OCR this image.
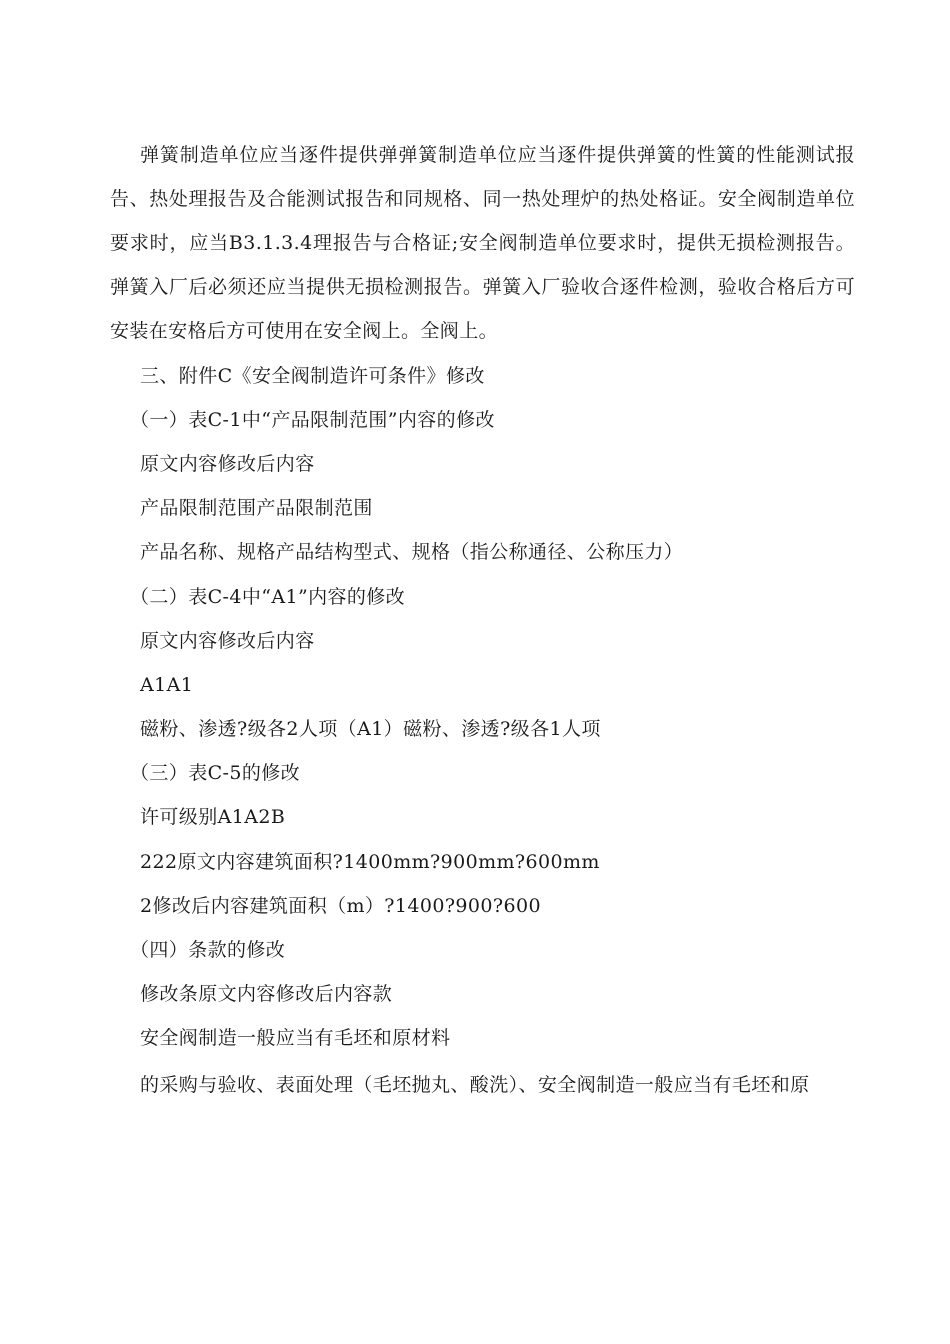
弹簧制造单位应当逐件提供弹弹簧制造单位应当逐件提供弹簧的性簧的性能测试报告、热处理报告及合能测试报告和同规格、同一热处理炉的热处格证。安全阀制造单位要求时，应当B3.1.3.4理报告与合格证;安全阀制造单位要求时，提供无损检测报告。弹簧入厂后必须还应当提供无损检测报告。弹簧入厂验收合逐件检测，验收合格后方可安装在安格后方可使用在安全阀上。全阀上。

三、附件C《安全阀制造许可条件》修改

（一）表C-1中“产品限制范围”内容的修改

原文内容修改后内容

产品限制范围产品限制范围

产品名称、规格产品结构型式、规格（指公称通径、公称压力）

（二）表C-4中“A1”内容的修改

原文内容修改后内容

A1A1

磁粉、渗透?级各2人项（A1）磁粉、渗透?级各1人项

（三）表C-5的修改

许可级别A1A2B

222原文内容建筑面积?1400mm?900mm?600mm

2修改后内容建筑面积（m）?1400?900?600

（四）条款的修改

修改条原文内容修改后内容款

安全阀制造一般应当有毛坯和原材料

的采购与验收、表面处理（毛坯抛丸、酸洗）、安全阀制造一般应当有毛坯和原
